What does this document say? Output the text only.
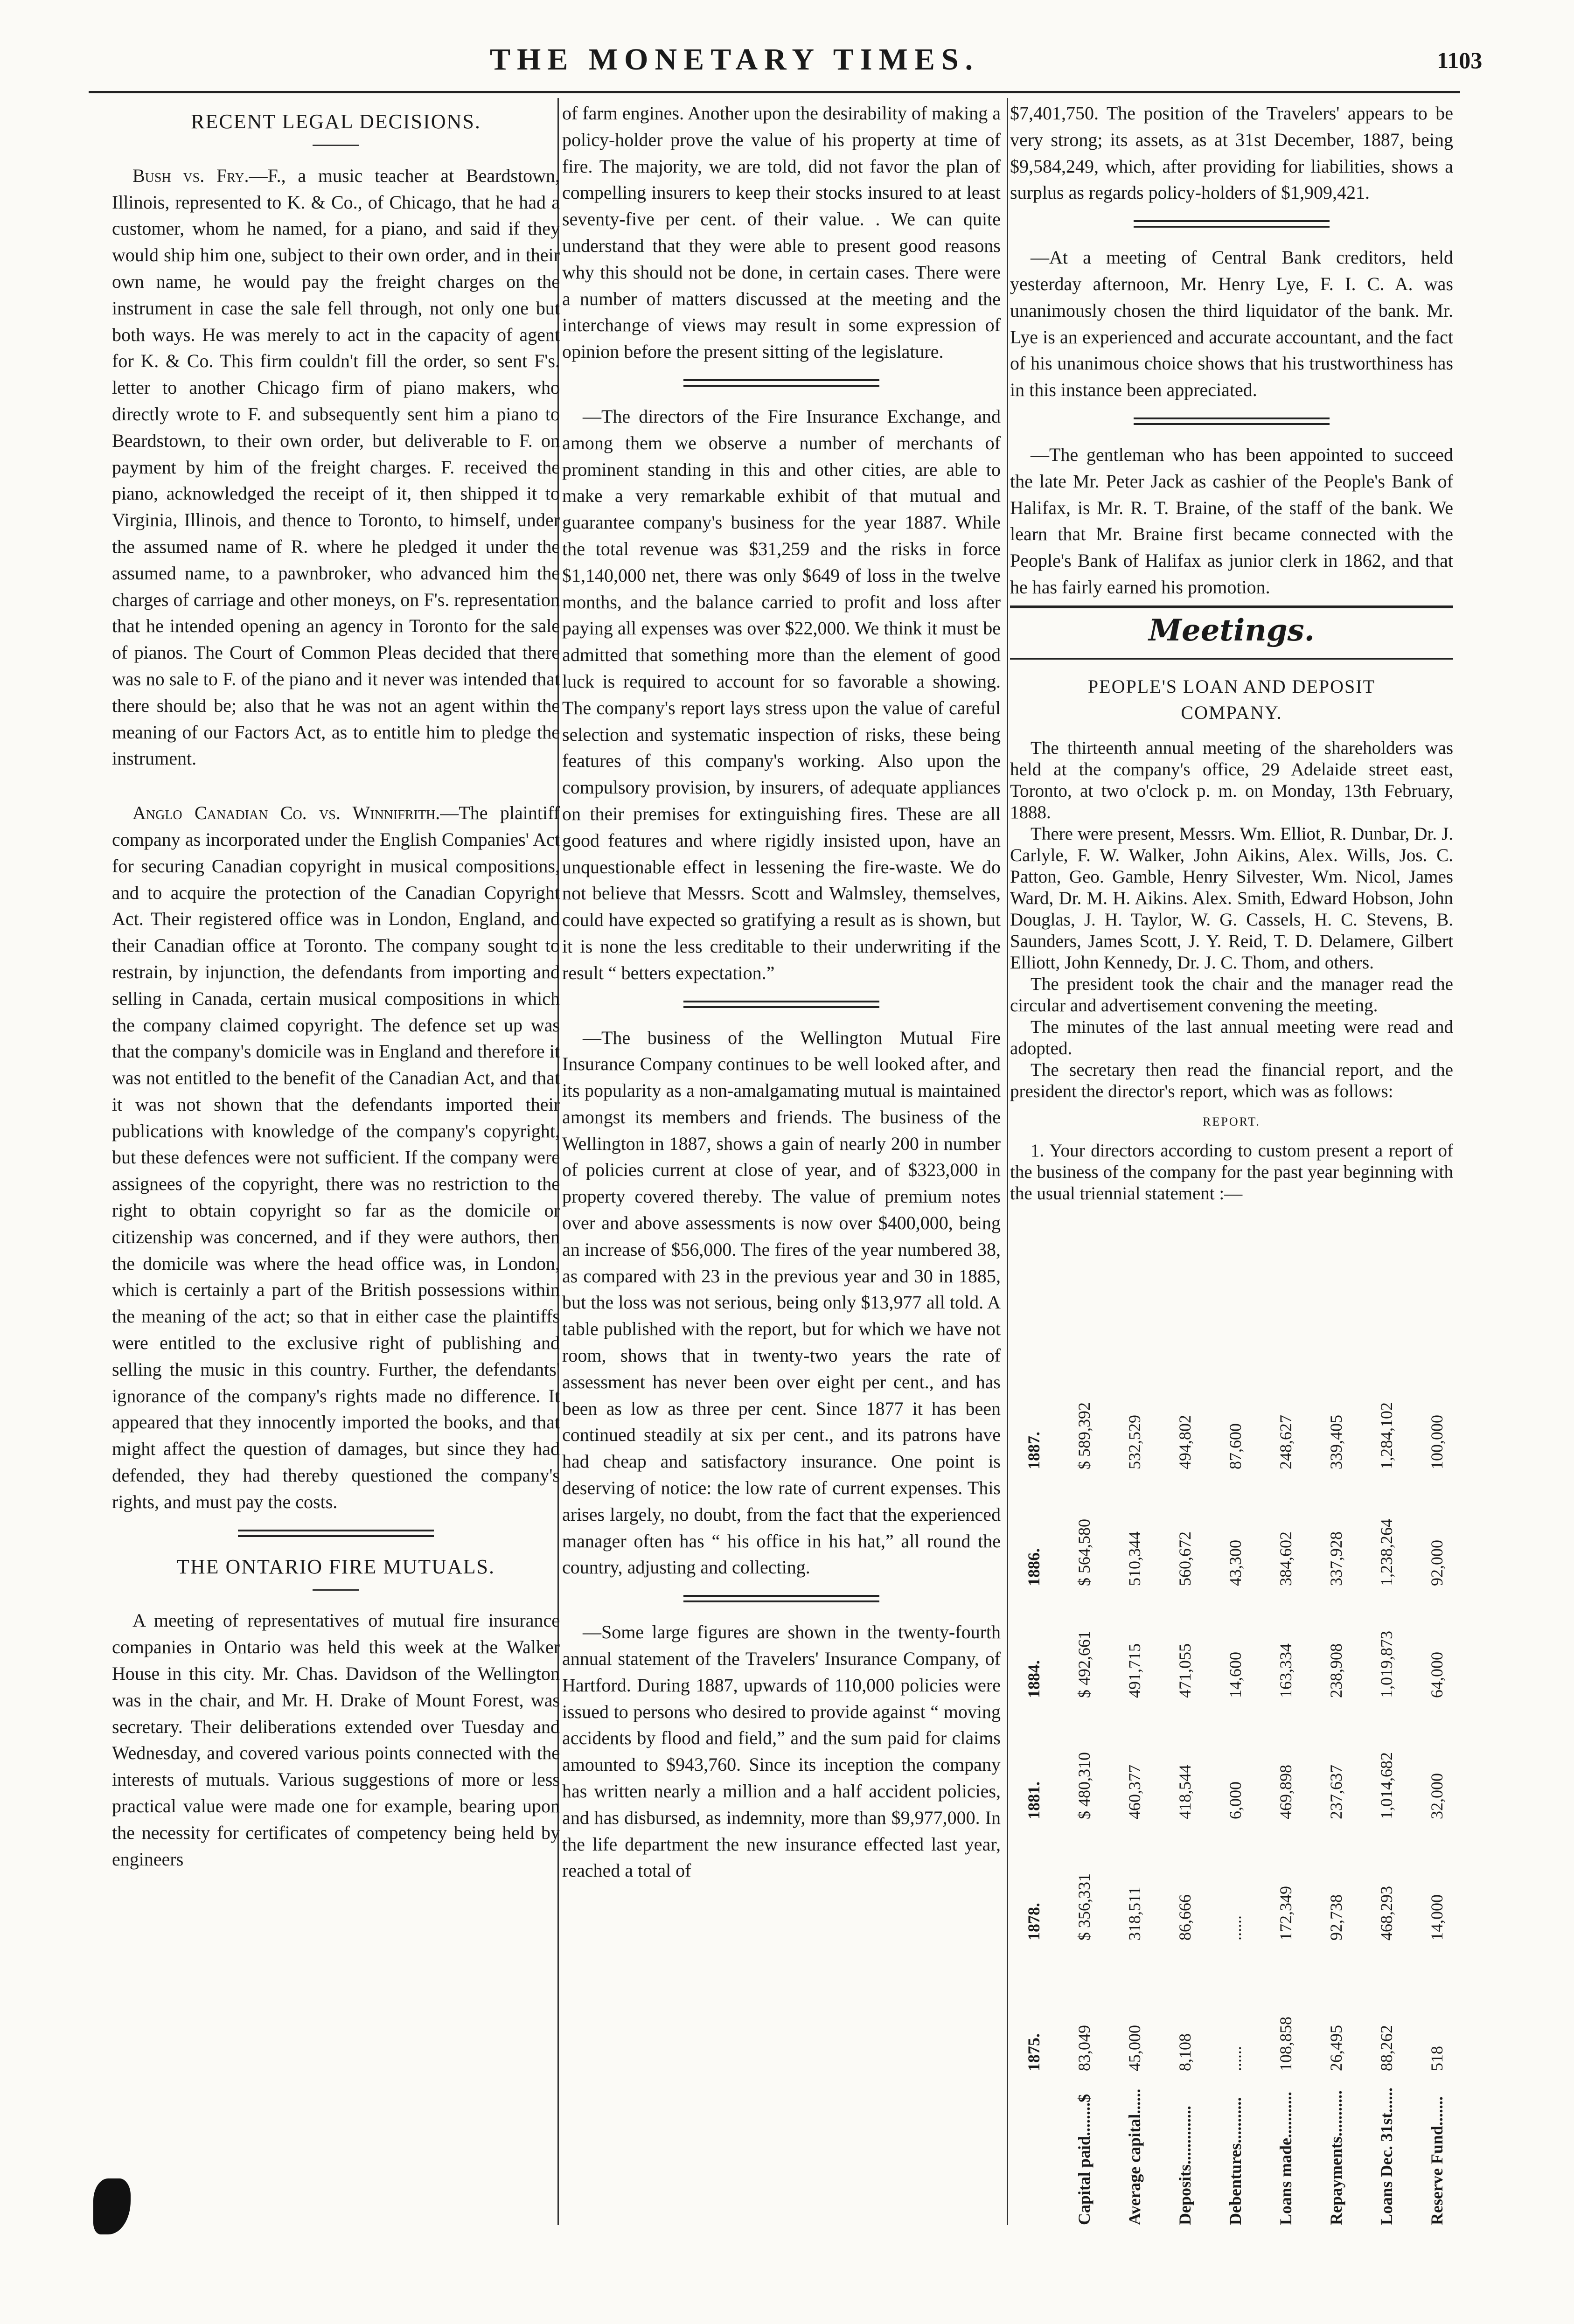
THE MONETARY TIMES.	1103
RECENT LEGAL DECISIONS.

Bush vs. Fry.—F., a music teacher at Beardstown, Illinois, represented to K. & Co., of Chicago, that he had a customer, whom he named, for a piano, and said if they would ship him one, subject to their own order, and in their own name, he would pay the freight charges on the instrument in case the sale fell through, not only one but both ways. He was merely to act in the capacity of agent for K. & Co. This firm couldn't fill the order, so sent F's. letter to another Chicago firm of piano makers, who directly wrote to F. and subsequently sent him a piano to Beardstown, to their own order, but deliverable to F. on payment by him of the freight charges. F. received the piano, acknowledged the receipt of it, then shipped it to Virginia, Illinois, and thence to Toronto, to himself, under the assumed name of R. where he pledged it under the assumed name, to a pawnbroker, who advanced him the charges of carriage and other moneys, on F's. representation that he intended opening an agency in Toronto for the sale of pianos. The Court of Common Pleas decided that there was no sale to F. of the piano and it never was intended that there should be; also that he was not an agent within the meaning of our Factors Act, as to entitle him to pledge the instrument.

Anglo Canadian Co. vs. Winnifrith.—The plaintiff company as incorporated under the English Companies' Act for securing Canadian copyright in musical compositions, and to acquire the protection of the Canadian Copyright Act. Their registered office was in London, England, and their Canadian office at Toronto. The company sought to restrain, by injunction, the defendants from importing and selling in Canada, certain musical compositions in which the company claimed copyright. The defence set up was that the company's domicile was in England and therefore it was not entitled to the benefit of the Canadian Act, and that it was not shown that the defendants imported their publications with knowledge of the company's copyright, but these defences were not sufficient. If the company were assignees of the copyright, there was no restriction to the right to obtain copyright so far as the domicile or citizenship was concerned, and if they were authors, then the domicile was where the head office was, in London, which is certainly a part of the British possessions within the meaning of the act; so that in either case the plaintiffs were entitled to the exclusive right of publishing and selling the music in this country. Further, the defendants' ignorance of the company's rights made no difference. It appeared that they innocently imported the books, and that might affect the question of damages, but since they had defended, they had thereby questioned the company's rights, and must pay the costs.

THE ONTARIO FIRE MUTUALS.

A meeting of representatives of mutual fire insurance companies in Ontario was held this week at the Walker House in this city. Mr. Chas. Davidson of the Wellington was in the chair, and Mr. H. Drake of Mount Forest, was secretary. Their deliberations extended over Tuesday and Wednesday, and covered various points connected with the interests of mutuals. Various suggestions of more or less practical value were made one for example, bearing upon the necessity for certificates of competency being held by engineers

of farm engines. Another upon the desirability of making a policy-holder prove the value of his property at time of fire. The majority, we are told, did not favor the plan of compelling insurers to keep their stocks insured to at least seventy-five per cent. of their value. . We can quite understand that they were able to present good reasons why this should not be done, in certain cases. There were a number of matters discussed at the meeting and the interchange of views may result in some expression of opinion before the present sitting of the legislature.

—The directors of the Fire Insurance Exchange, and among them we observe a number of merchants of prominent standing in this and other cities, are able to make a very remarkable exhibit of that mutual and guarantee company's business for the year 1887. While the total revenue was $31,259 and the risks in force $1,140,000 net, there was only $649 of loss in the twelve months, and the balance carried to profit and loss after paying all expenses was over $22,000. We think it must be admitted that something more than the element of good luck is required to account for so favorable a showing. The company's report lays stress upon the value of careful selection and systematic inspection of risks, these being features of this company's working. Also upon the compulsory provision, by insurers, of adequate appliances on their premises for extinguishing fires. These are all good features and where rigidly insisted upon, have an unquestionable effect in lessening the fire-waste. We do not believe that Messrs. Scott and Walmsley, themselves, could have expected so gratifying a result as is shown, but it is none the less creditable to their underwriting if the result “ betters expectation.”

—The business of the Wellington Mutual Fire Insurance Company continues to be well looked after, and its popularity as a non-amalgamating mutual is maintained amongst its members and friends. The business of the Wellington in 1887, shows a gain of nearly 200 in number of policies current at close of year, and of $323,000 in property covered thereby. The value of premium notes over and above assessments is now over $400,000, being an increase of $56,000. The fires of the year numbered 38, as compared with 23 in the previous year and 30 in 1885, but the loss was not serious, being only $13,977 all told. A table published with the report, but for which we have not room, shows that in twenty-two years the rate of assessment has never been over eight per cent., and has been as low as three per cent. Since 1877 it has been continued steadily at six per cent., and its patrons have had cheap and satisfactory insurance. One point is deserving of notice: the low rate of current expenses. This arises largely, no doubt, from the fact that the experienced manager often has “ his office in his hat,” all round the country, adjusting and collecting.

—Some large figures are shown in the twenty-fourth annual statement of the Travelers' Insurance Company, of Hartford. During 1887, upwards of 110,000 policies were issued to persons who desired to provide against “ moving accidents by flood and field,” and the sum paid for claims amounted to $943,760. Since its inception the company has written nearly a million and a half accident policies, and has disbursed, as indemnity, more than $9,977,000. In the life department the new insurance effected last year, reached a total of

$7,401,750. The position of the Travelers' appears to be very strong; its assets, as at 31st December, 1887, being $9,584,249, which, after providing for liabilities, shows a surplus as regards policy-holders of $1,909,421.

—At a meeting of Central Bank creditors, held yesterday afternoon, Mr. Henry Lye, F. I. C. A. was unanimously chosen the third liquidator of the bank. Mr. Lye is an experienced and accurate accountant, and the fact of his unanimous choice shows that his trustworthiness has in this instance been appreciated.

—The gentleman who has been appointed to succeed the late Mr. Peter Jack as cashier of the People's Bank of Halifax, is Mr. R. T. Braine, of the staff of the bank. We learn that Mr. Braine first became connected with the People's Bank of Halifax as junior clerk in 1862, and that he has fairly earned his promotion.

Meetings.
PEOPLE'S LOAN AND DEPOSIT COMPANY.

The thirteenth annual meeting of the shareholders was held at the company's office, 29 Adelaide street east, Toronto, at two o'clock p. m. on Monday, 13th February, 1888.

There were present, Messrs. Wm. Elliot, R. Dunbar, Dr. J. Carlyle, F. W. Walker, John Aikins, Alex. Wills, Jos. C. Patton, Geo. Gamble, Henry Silvester, Wm. Nicol, James Ward, Dr. M. H. Aikins. Alex. Smith, Edward Hobson, John Douglas, J. H. Taylor, W. G. Cassels, H. C. Stevens, B. Saunders, James Scott, J. Y. Reid, T. D. Delamere, Gilbert Elliott, John Kennedy, Dr. J. C. Thom, and others.

The president took the chair and the manager read the circular and advertisement convening the meeting.

The minutes of the last annual meeting were read and adopted.

The secretary then read the financial report, and the president the director's report, which was as follows:

REPORT.

1. Your directors according to custom present a report of the business of the company for the past year beginning with the usual triennial statement :—

1875.
1878.
1881.
1884.
1886.
1887.
Capital paid........$
83,049
$ 356,331
$ 480,310
$ 492,661
$ 564,580
$ 589,392
Average capital......
45,000
318,511
460,377
491,715
510,344
532,529
Deposits..............
8,108
86,666
418,544
471,055
560,672
494,802
Debentures...........
......
......
6,000
14,600
43,300
87,600
Loans made...........
108,858
172,349
469,898
163,334
384,602
248,627
Repayments...........
26,495
92,738
237,637
238,908
337,928
339,405
Loans Dec. 31st......
88,262
468,293
1,014,682
1,019,873
1,238,264
1,284,102
Reserve Fund.......
518
14,000
32,000
64,000
92,000
100,000
